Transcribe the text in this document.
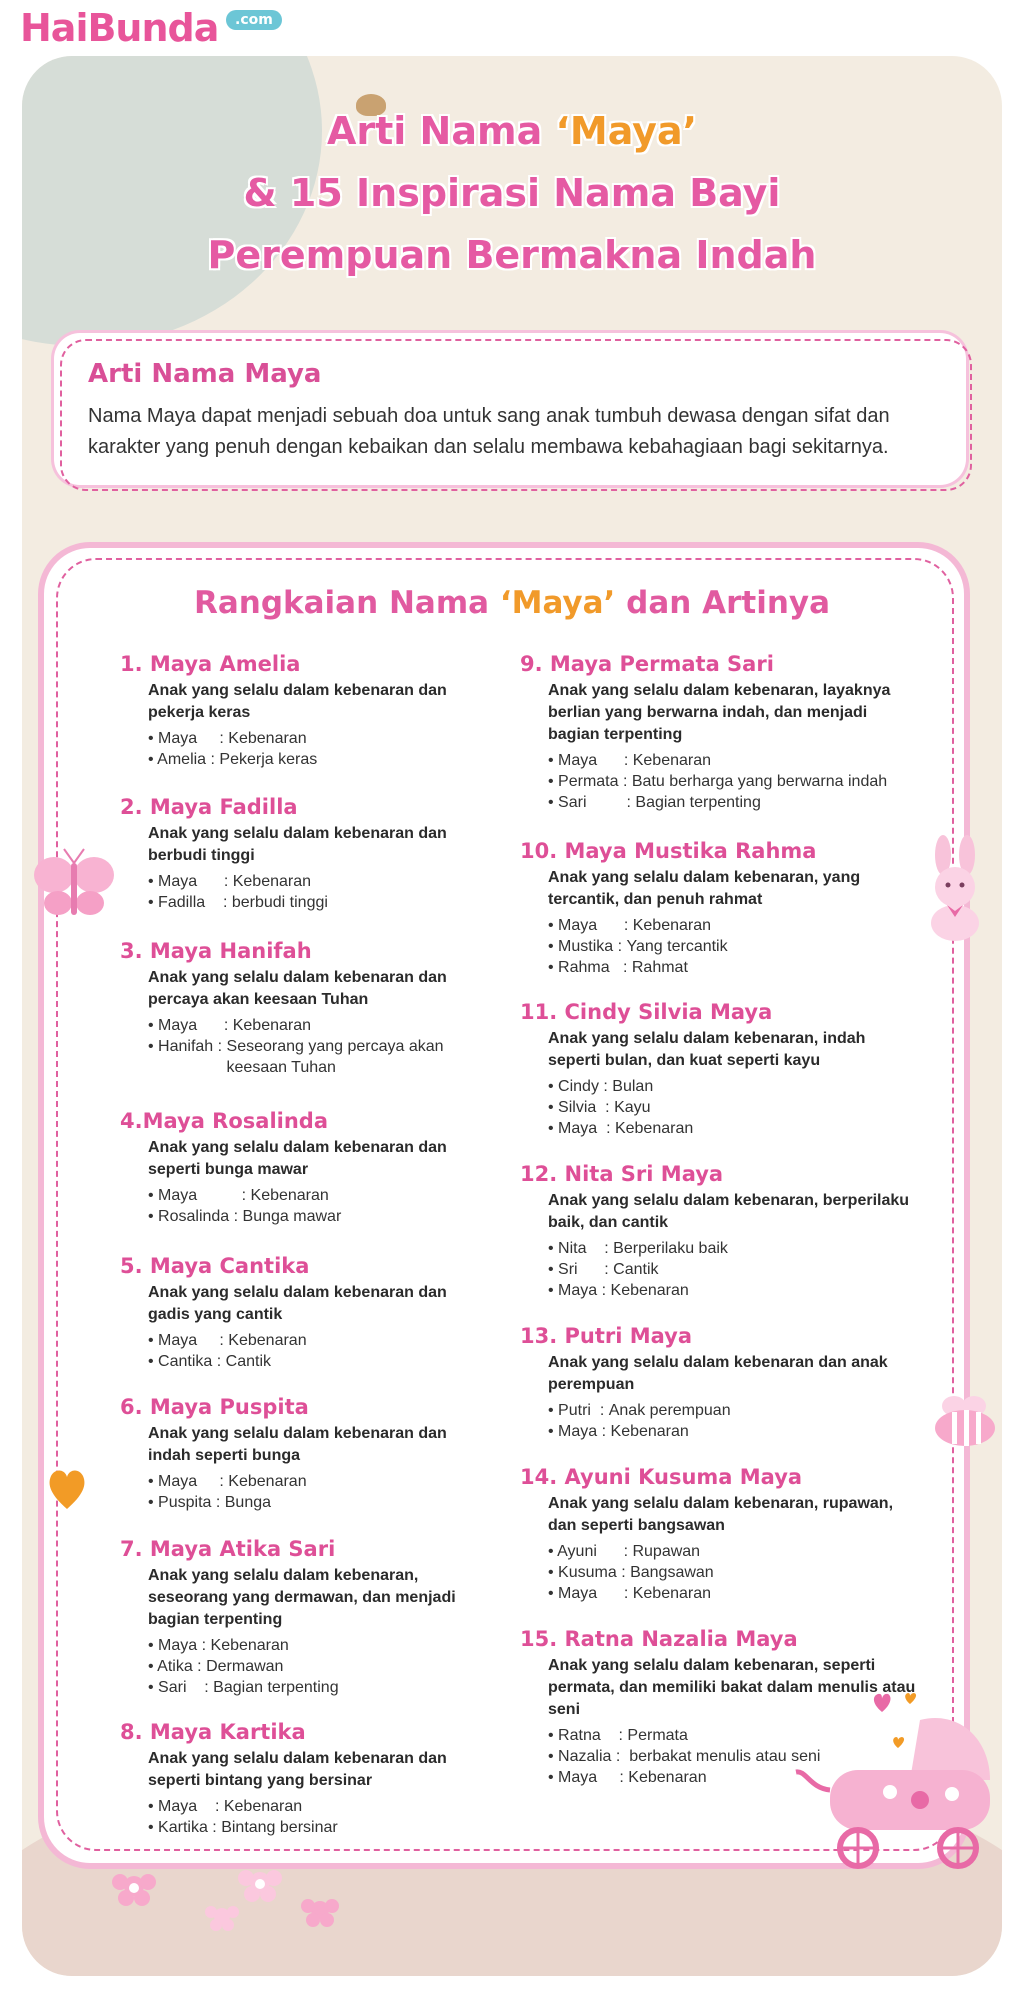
HaiBunda	.com
Arti Nama ‘Maya’
& 15 Inspirasi Nama Bayi
Perempuan Bermakna Indah
Arti Nama Maya
Nama Maya dapat menjadi sebuah doa untuk sang anak tumbuh dewasa dengan sifat dan karakter yang penuh dengan kebaikan dan selalu membawa kebahagiaan bagi sekitarnya.
Rangkaian Nama ‘Maya’ dan Artinya
1. Maya Amelia
Anak yang selalu dalam kebenaran dan pekerja keras
• Maya     : Kebenaran
• Amelia : Pekerja keras
2. Maya Fadilla
Anak yang selalu dalam kebenaran dan berbudi tinggi
• Maya      : Kebenaran
• Fadilla    : berbudi tinggi
3. Maya Hanifah
Anak yang selalu dalam kebenaran dan percaya akan keesaan Tuhan
• Maya      : Kebenaran
• Hanifah : Seseorang yang percaya akan keesaan Tuhan
4.Maya Rosalinda
Anak yang selalu dalam kebenaran dan seperti bunga mawar
• Maya          : Kebenaran
• Rosalinda : Bunga mawar
5. Maya Cantika
Anak yang selalu dalam kebenaran dan gadis yang cantik
• Maya     : Kebenaran
• Cantika : Cantik
6. Maya Puspita
Anak yang selalu dalam kebenaran dan indah seperti bunga
• Maya     : Kebenaran
• Puspita : Bunga
7. Maya Atika Sari
Anak yang selalu dalam kebenaran, seseorang yang dermawan, dan menjadi bagian terpenting
• Maya : Kebenaran
• Atika : Dermawan
• Sari    : Bagian terpenting
8. Maya Kartika
Anak yang selalu dalam kebenaran dan seperti bintang yang bersinar
• Maya    : Kebenaran
• Kartika : Bintang bersinar
9. Maya Permata Sari
Anak yang selalu dalam kebenaran, layaknya berlian yang berwarna indah, dan menjadi bagian terpenting
• Maya      : Kebenaran
• Permata : Batu berharga yang berwarna indah
• Sari         : Bagian terpenting
10. Maya Mustika Rahma
Anak yang selalu dalam kebenaran, yang tercantik, dan penuh rahmat
• Maya      : Kebenaran
• Mustika : Yang tercantik
• Rahma   : Rahmat
11. Cindy Silvia Maya
Anak yang selalu dalam kebenaran, indah seperti bulan, dan kuat seperti kayu
• Cindy : Bulan
• Silvia  : Kayu
• Maya  : Kebenaran
12. Nita Sri Maya
Anak yang selalu dalam kebenaran, berperilaku baik, dan cantik
• Nita    : Berperilaku baik
• Sri      : Cantik
• Maya : Kebenaran
13. Putri Maya
Anak yang selalu dalam kebenaran dan anak perempuan
• Putri  : Anak perempuan
• Maya : Kebenaran
14. Ayuni Kusuma Maya
Anak yang selalu dalam kebenaran, rupawan, dan seperti bangsawan
• Ayuni      : Rupawan
• Kusuma : Bangsawan
• Maya      : Kebenaran
15. Ratna Nazalia Maya
Anak yang selalu dalam kebenaran, seperti permata, dan memiliki bakat dalam menulis atau seni
• Ratna    : Permata
• Nazalia : berbakat menulis atau seni
• Maya     : Kebenaran
